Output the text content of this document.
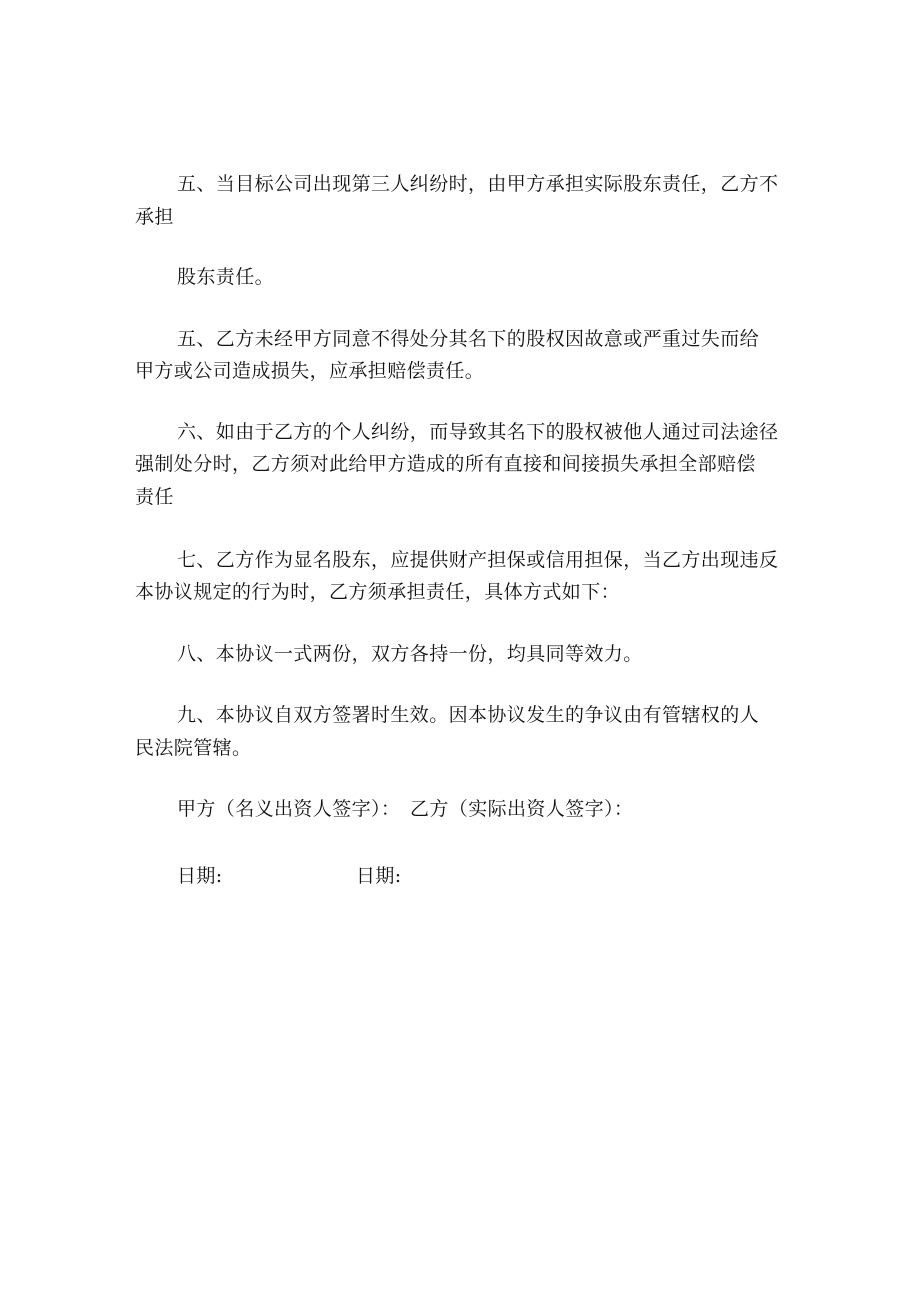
五、当目标公司出现第三人纠纷时，由甲方承担实际股东责任，乙方不
承担
股东责任。
五、乙方未经甲方同意不得处分其名下的股权因故意或严重过失而给
甲方或公司造成损失，应承担赔偿责任。
六、如由于乙方的个人纠纷，而导致其名下的股权被他人通过司法途径
强制处分时，乙方须对此给甲方造成的所有直接和间接损失承担全部赔偿
责任
七、乙方作为显名股东，应提供财产担保或信用担保，当乙方出现违反
本协议规定的行为时，乙方须承担责任，具体方式如下：
八、本协议一式两份，双方各持一份，均具同等效力。
九、本协议自双方签署时生效。因本协议发生的争议由有管辖权的人
民法院管辖。
甲方（名义出资人签字）： 乙方（实际出资人签字）：
日期:	日期:
